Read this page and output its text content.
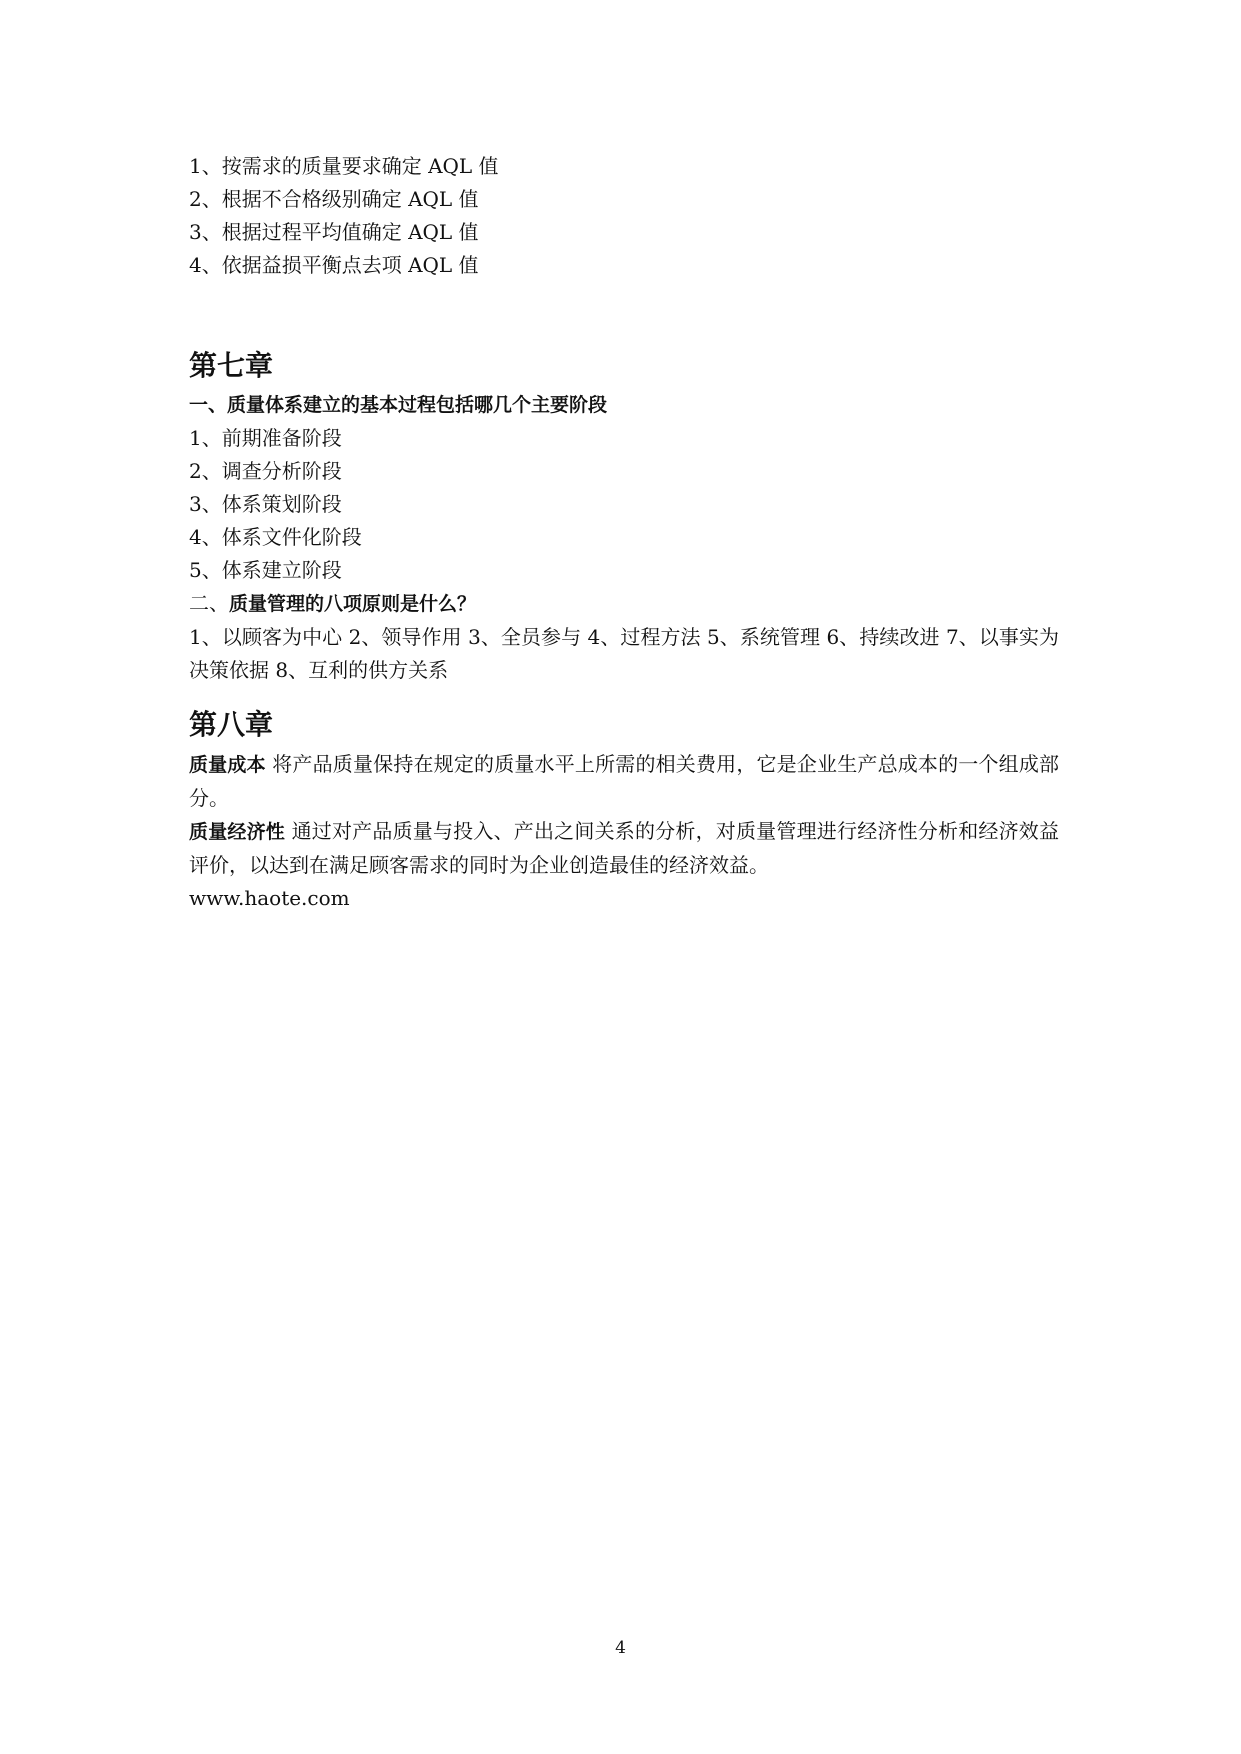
1、按需求的质量要求确定 AQL 值
2、根据不合格级别确定 AQL 值
3、根据过程平均值确定 AQL 值
4、依据益损平衡点去项 AQL 值
第七章
一、质量体系建立的基本过程包括哪几个主要阶段
1、前期准备阶段
2、调查分析阶段
3、体系策划阶段
4、体系文件化阶段
5、体系建立阶段
二、质量管理的八项原则是什么？
1、以顾客为中心 2、领导作用 3、全员参与 4、过程方法 5、系统管理 6、持续改进 7、以事实为决策依据 8、互利的供方关系
第八章
质量成本 将产品质量保持在规定的质量水平上所需的相关费用，它是企业生产总成本的一个组成部分。
质量经济性 通过对产品质量与投入、产出之间关系的分析，对质量管理进行经济性分析和经济效益评价，以达到在满足顾客需求的同时为企业创造最佳的经济效益。
www.haote.com
4
